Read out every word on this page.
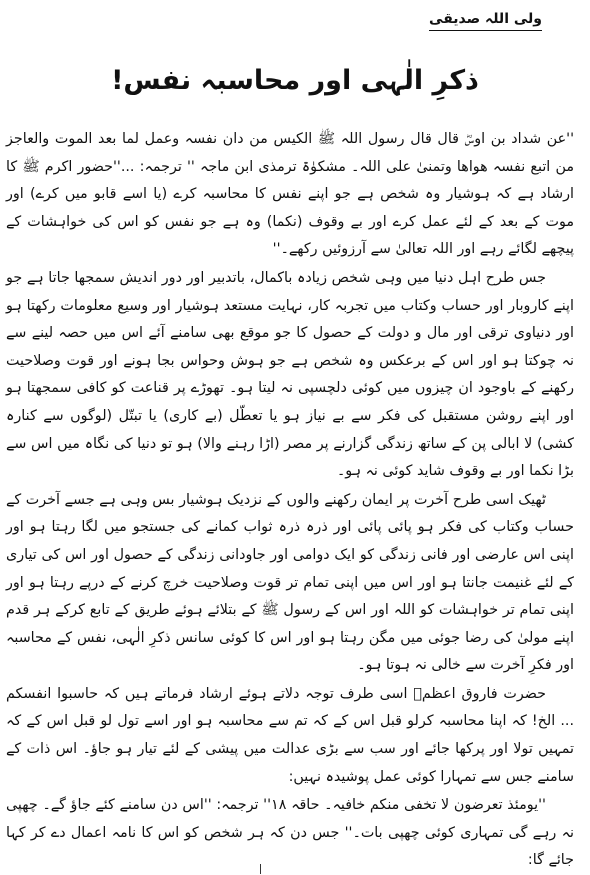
ولی اللہ صدیقی
ذکرِ الٰہی اور محاسبہ نفس!

''عن شداد بن اوسؓ قال قال رسول اللہ ﷺ الکیس من دان نفسہ وعمل لما بعد الموت والعاجز من اتبع نفسہ ھواھا وتمنیٰ علی اللہ۔ مشکوٰۃ ترمذی ابن ماجہ '' ترجمہ: ...''حضور اکرم ﷺ کا ارشاد ہے کہ ہوشیار وہ شخص ہے جو اپنے نفس کا محاسبہ کرے (یا اسے قابو میں کرے) اور موت کے بعد کے لئے عمل کرے اور بے وقوف (نکما) وہ ہے جو نفس کو اس کی خواہشات کے پیچھے لگائے رہے اور اللہ تعالیٰ سے آرزوئیں رکھے۔''

جس طرح اہل دنیا میں وہی شخص زیادہ باکمال، باتدبیر اور دور اندیش سمجھا جاتا ہے جو اپنے کاروبار اور حساب وکتاب میں تجربہ کار، نہایت مستعد ہوشیار اور وسیع معلومات رکھتا ہو اور دنیاوی ترقی اور مال و دولت کے حصول کا جو موقع بھی سامنے آئے اس میں حصہ لینے سے نہ چوکتا ہو اور اس کے برعکس وہ شخص ہے جو ہوش وحواس بجا ہونے اور قوت وصلاحیت رکھنے کے باوجود ان چیزوں میں کوئی دلچسپی نہ لیتا ہو۔ تھوڑے پر قناعت کو کافی سمجھتا ہو اور اپنے روشن مستقبل کی فکر سے بے نیاز ہو یا تعطّل (بے کاری) یا تبتّل (لوگوں سے کنارہ کشی) لا ابالی پن کے ساتھ زندگی گزارنے پر مصر (اڑا رہنے والا) ہو تو دنیا کی نگاہ میں اس سے بڑا نکما اور بے وقوف شاید کوئی نہ ہو۔

ٹھیک اسی طرح آخرت پر ایمان رکھنے والوں کے نزدیک ہوشیار بس وہی ہے جسے آخرت کے حساب وکتاب کی فکر ہو پائی پائی اور ذرہ ذرہ ثواب کمانے کی جستجو میں لگا رہتا ہو اور اپنی اس عارضی اور فانی زندگی کو ایک دوامی اور جاودانی زندگی کے حصول اور اس کی تیاری کے لئے غنیمت جانتا ہو اور اس میں اپنی تمام تر قوت وصلاحیت خرچ کرنے کے درپے رہتا ہو اور اپنی تمام تر خواہشات کو اللہ اور اس کے رسول ﷺ کے بتلائے ہوئے طریق کے تابع کرکے ہر قدم اپنے مولیٰ کی رضا جوئی میں مگن رہتا ہو اور اس کا کوئی سانس ذکرِ الٰہی، نفس کے محاسبہ اور فکرِ آخرت سے خالی نہ ہوتا ہو۔

حضرت فاروق اعظمؓ اسی طرف توجہ دلاتے ہوئے ارشاد فرماتے ہیں کہ حاسبوا انفسکم ... الخ! کہ اپنا محاسبہ کرلو قبل اس کے کہ تم سے محاسبہ ہو اور اسے تول لو قبل اس کے کہ تمہیں تولا اور پرکھا جائے اور سب سے بڑی عدالت میں پیشی کے لئے تیار ہو جاؤ۔ اس ذات کے سامنے جس سے تمہارا کوئی عمل پوشیدہ نہیں:

''یومئذ تعرضون لا تخفی منکم خافیہ۔ حاقہ ۱۸'' ترجمہ: ''اس دن سامنے کئے جاؤ گے۔ چھپی نہ رہے گی تمہاری کوئی چھپی بات۔'' جس دن کہ ہر شخص کو اس کا نامہ اعمال دے کر کہا جائے گا:
